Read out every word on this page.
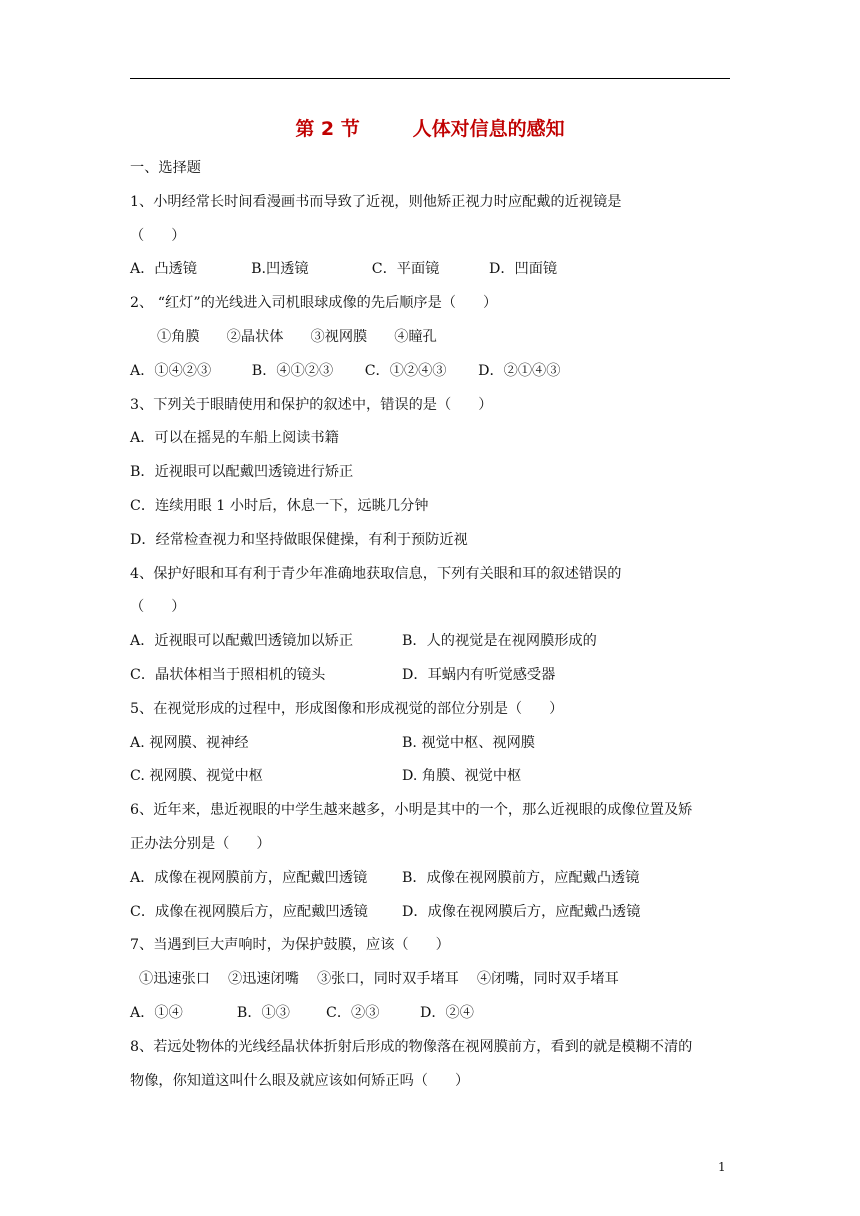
第 2 节        人体对信息的感知
一、选择题
1、小明经常长时间看漫画书而导致了近视，则他矫正视力时应配戴的近视镜是
（      ）
A．凸透镜            B.凹透镜              C．平面镜           D．凹面镜
2、 “红灯”的光线进入司机眼球成像的先后顺序是（      ）
①角膜      ②晶状体      ③视网膜      ④瞳孔
A．①④②③         B．④①②③       C．①②④③       D．②①④③
3、下列关于眼睛使用和保护的叙述中，错误的是（      ）
A．可以在摇晃的车船上阅读书籍
B．近视眼可以配戴凹透镜进行矫正
C．连续用眼 1 小时后，休息一下，远眺几分钟
D．经常检查视力和坚持做眼保健操，有利于预防近视
4、保护好眼和耳有利于青少年准确地获取信息，下列有关眼和耳的叙述错误的
（      ）
A．近视眼可以配戴凹透镜加以矫正	B．人的视觉是在视网膜形成的
C．晶状体相当于照相机的镜头	D．耳蜗内有听觉感受器
5、在视觉形成的过程中，形成图像和形成视觉的部位分别是（      ）
A. 视网膜、视神经	B. 视觉中枢、视网膜
C. 视网膜、视觉中枢	D. 角膜、视觉中枢
6、近年来，患近视眼的中学生越来越多，小明是其中的一个，那么近视眼的成像位置及矫
正办法分别是（      ）
A．成像在视网膜前方，应配戴凹透镜 B．成像在视网膜前方，应配戴凸透镜
C．成像在视网膜后方，应配戴凹透镜 D．成像在视网膜后方，应配戴凸透镜
7、当遇到巨大声响时，为保护鼓膜，应该（      ）
①迅速张口    ②迅速闭嘴    ③张口，同时双手堵耳    ④闭嘴，同时双手堵耳
A．①④            B．①③        C．②③         D．②④
8、若远处物体的光线经晶状体折射后形成的物像落在视网膜前方，看到的就是模糊不清的
物像，你知道这叫什么眼及就应该如何矫正吗（      ）
1
